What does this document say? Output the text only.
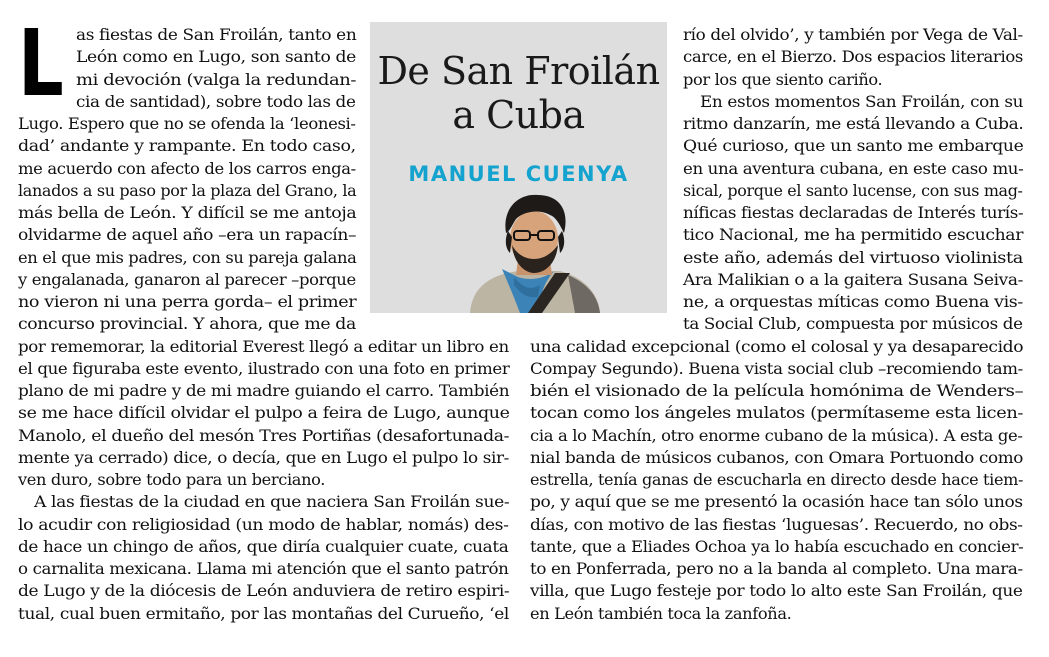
L as fiestas de San Froilán, tanto en
León como en Lugo, son santo de
mi devoción (valga la redundan-
cia de santidad), sobre todo las de
Lugo. Espero que no se ofenda la ‘leonesi-
dad’ andante y rampante. En todo caso,
me acuerdo con afecto de los carros enga-
lanados a su paso por la plaza del Grano, la
más bella de León. Y difícil se me antoja
olvidarme de aquel año –era un rapacín–
en el que mis padres, con su pareja galana
y engalanada, ganaron al parecer –porque
no vieron ni una perra gorda– el primer
concurso provincial. Y ahora, que me da
por rememorar, la editorial Everest llegó a editar un libro en
el que figuraba este evento, ilustrado con una foto en primer
plano de mi padre y de mi madre guiando el carro. También
se me hace difícil olvidar el pulpo a feira de Lugo, aunque
Manolo, el dueño del mesón Tres Portiñas (desafortunada-
mente ya cerrado) dice, o decía, que en Lugo el pulpo lo sir-
ven duro, sobre todo para un berciano.
A las fiestas de la ciudad en que naciera San Froilán sue-
lo acudir con religiosidad (un modo de hablar, nomás) des-
de hace un chingo de años, que diría cualquier cuate, cuata
o carnalita mexicana. Llama mi atención que el santo patrón
de Lugo y de la diócesis de León anduviera de retiro espiri-
tual, cual buen ermitaño, por las montañas del Curueño, ‘el
río del olvido’, y también por Vega de Val-
carce, en el Bierzo. Dos espacios literarios
por los que siento cariño.
En estos momentos San Froilán, con su
ritmo danzarín, me está llevando a Cuba.
Qué curioso, que un santo me embarque
en una aventura cubana, en este caso mu-
sical, porque el santo lucense, con sus mag-
níficas fiestas declaradas de Interés turís-
tico Nacional, me ha permitido escuchar
este año, además del virtuoso violinista
Ara Malikian o a la gaitera Susana Seiva-
ne, a orquestas míticas como Buena vis-
ta Social Club, compuesta por músicos de
una calidad excepcional (como el colosal y ya desaparecido
Compay Segundo). Buena vista social club –recomiendo tam-
bién el visionado de la película homónima de Wenders–
tocan como los ángeles mulatos (permítaseme esta licen-
cia a lo Machín, otro enorme cubano de la música). A esta ge-
nial banda de músicos cubanos, con Omara Portuondo como
estrella, tenía ganas de escucharla en directo desde hace tiem-
po, y aquí que se me presentó la ocasión hace tan sólo unos
días, con motivo de las fiestas ‘luguesas’. Recuerdo, no obs-
tante, que a Eliades Ochoa ya lo había escuchado en concier-
to en Ponferrada, pero no a la banda al completo. Una mara-
villa, que Lugo festeje por todo lo alto este San Froilán, que
en León también toca la zanfoña.
De San Froilán
a Cuba
MANUEL CUENYA
